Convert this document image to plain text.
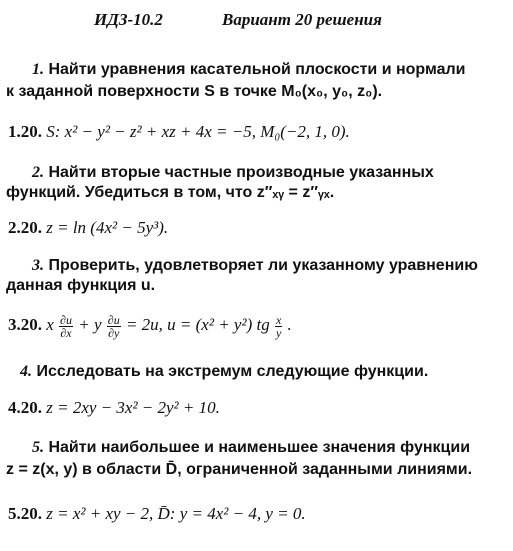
ИДЗ-10.2	Вариант 20 решения
1. Найти уравнения касательной плоскости и нормали
к заданной поверхности S в точке M₀(x₀, y₀, z₀).
1.20. S: x² − y² − z² + xz + 4x = −5, M₀(−2, 1, 0).
2. Найти вторые частные производные указанных
функций. Убедиться в том, что z″ₓᵧ = z″ᵧₓ.
2.20. z = ln (4x² − 5y³).
3. Проверить, удовлетворяет ли указанному уравнению
данная функция u.
3.20. x $\frac{\partial u}{\partial x} + y \frac{\partial u}{\partial y} = 2u$, u = (x² + y²) tg $\frac{x}{y}$ .
4. Исследовать на экстремум следующие функции.
4.20. z = 2xy − 3x² − 2y² + 10.
5. Найти наибольшее и наименьшее значения функции
z = z(x, y) в области D̄, ограниченной заданными линиями.
5.20. z = x² + xy − 2, D̄: y = 4x² − 4, y = 0.
